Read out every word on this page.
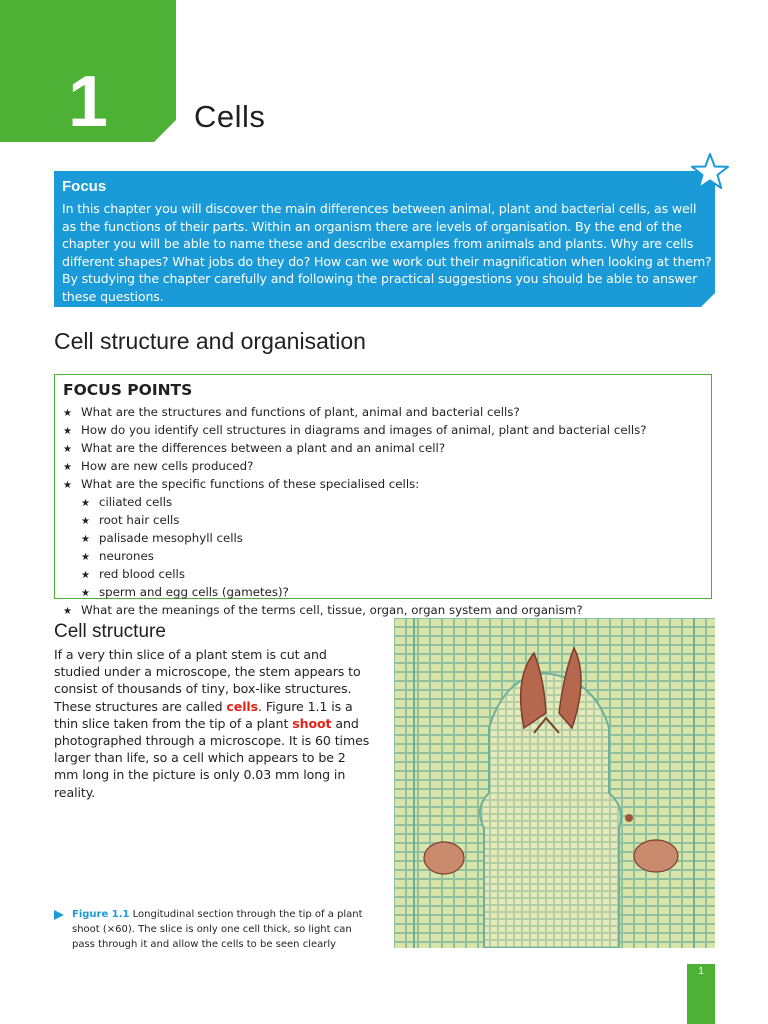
1	Cells
Focus
In this chapter you will discover the main differences between animal, plant and bacterial cells, as well as the functions of their parts. Within an organism there are levels of organisation. By the end of the chapter you will be able to name these and describe examples from animals and plants. Why are cells different shapes? What jobs do they do? How can we work out their magnification when looking at them? By studying the chapter carefully and following the practical suggestions you should be able to answer these questions.
Cell structure and organisation
FOCUS POINTS
★ What are the structures and functions of plant, animal and bacterial cells?
★ How do you identify cell structures in diagrams and images of animal, plant and bacterial cells?
★ What are the differences between a plant and an animal cell?
★ How are new cells produced?
★ What are the specific functions of these specialised cells:
★ ciliated cells
★ root hair cells
★ palisade mesophyll cells
★ neurones
★ red blood cells
★ sperm and egg cells (gametes)?
★ What are the meanings of the terms cell, tissue, organ, organ system and organism?
Cell structure
If a very thin slice of a plant stem is cut and studied under a microscope, the stem appears to consist of thousands of tiny, box-like structures. These structures are called cells. Figure 1.1 is a thin slice taken from the tip of a plant shoot and photographed through a microscope. It is 60 times larger than life, so a cell which appears to be 2 mm long in the picture is only 0.03 mm long in reality.
Figure 1.1 Longitudinal section through the tip of a plant shoot (×60). The slice is only one cell thick, so light can pass through it and allow the cells to be seen clearly
1
